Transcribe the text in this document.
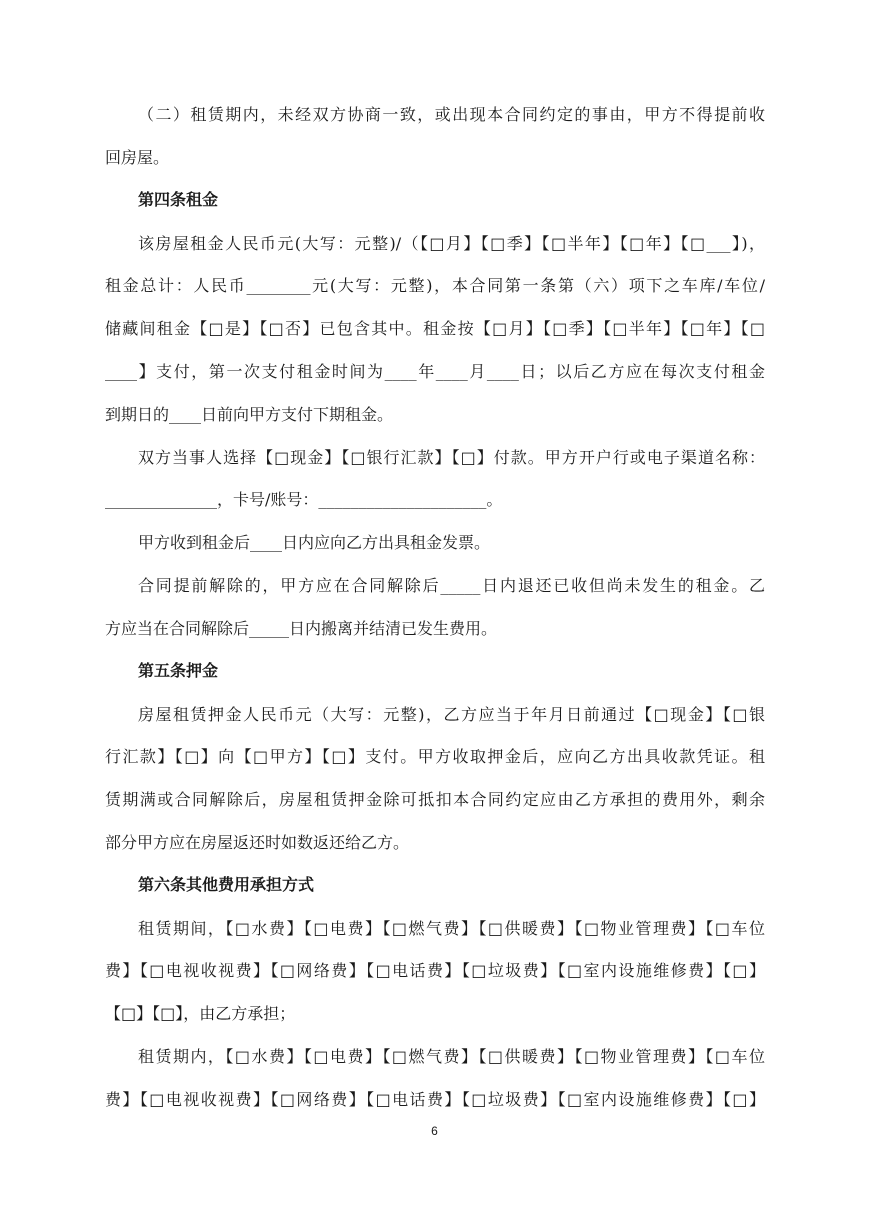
（二）租赁期内，未经双方协商一致，或出现本合同约定的事由，甲方不得提前收
回房屋。
第四条租金
该房屋租金人民币元(大写：元整)/（【□月】【□季】【□半年】【□年】【□___】)，
租金总计：人民币________元(大写：元整)，本合同第一条第（六）项下之车库/车位/
储藏间租金【□是】【□否】已包含其中。租金按【□月】【□季】【□半年】【□年】【□
____】支付，第一次支付租金时间为____年____月____日；以后乙方应在每次支付租金
到期日的____日前向甲方支付下期租金。
双方当事人选择【□现金】【□银行汇款】【□】付款。甲方开户行或电子渠道名称：
______________，卡号/账号：_____________________。
甲方收到租金后____日内应向乙方出具租金发票。
合同提前解除的，甲方应在合同解除后_____日内退还已收但尚未发生的租金。乙
方应当在合同解除后_____日内搬离并结清已发生费用。
第五条押金
房屋租赁押金人民币元（大写：元整)，乙方应当于年月日前通过【□现金】【□银
行汇款】【□】向【□甲方】【□】支付。甲方收取押金后，应向乙方出具收款凭证。租
赁期满或合同解除后，房屋租赁押金除可抵扣本合同约定应由乙方承担的费用外，剩余
部分甲方应在房屋返还时如数返还给乙方。
第六条其他费用承担方式
租赁期间，【□水费】【□电费】【□燃气费】【□供暖费】【□物业管理费】【□车位
费】【□电视收视费】【□网络费】【□电话费】【□垃圾费】【□室内设施维修费】【□】
【□】【□】，由乙方承担；
租赁期内，【□水费】【□电费】【□燃气费】【□供暖费】【□物业管理费】【□车位
费】【□电视收视费】【□网络费】【□电话费】【□垃圾费】【□室内设施维修费】【□】
6
